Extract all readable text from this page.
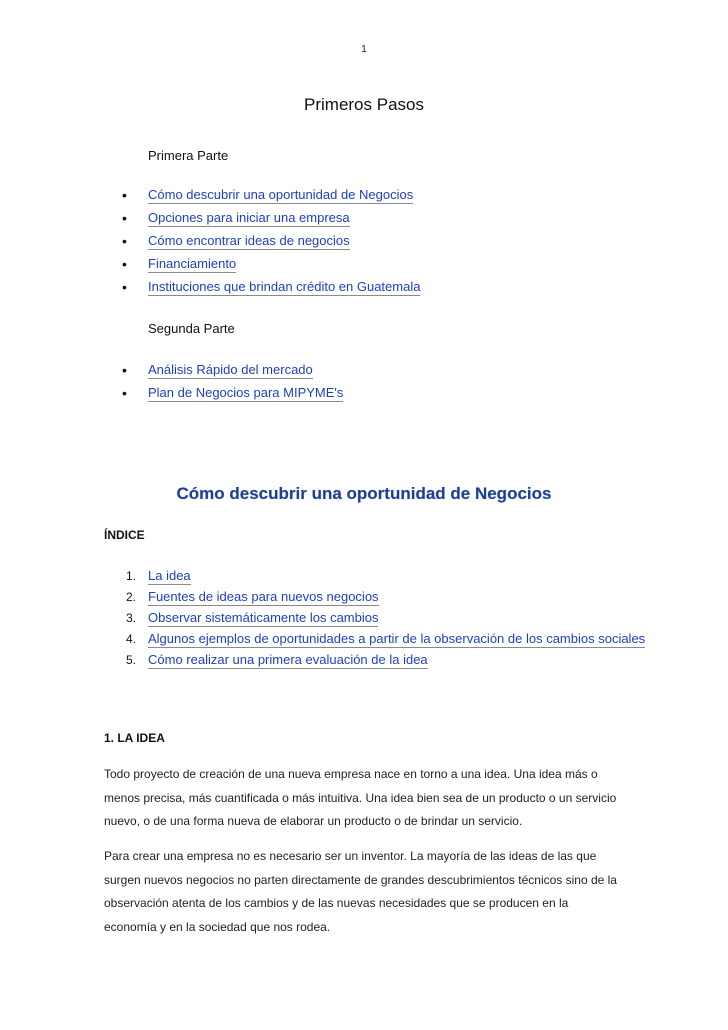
1
Primeros Pasos
Primera Parte
• Cómo descubrir una oportunidad de Negocios
• Opciones para iniciar una empresa
• Cómo encontrar ideas de negocios
• Financiamiento
• Instituciones que brindan crédito en Guatemala
Segunda Parte
• Análisis Rápido del mercado
• Plan de Negocios para MIPYME's
Cómo descubrir una oportunidad de Negocios
ÍNDICE
1. La idea
2. Fuentes de ideas para nuevos negocios
3. Observar sistemáticamente los cambios
4. Algunos ejemplos de oportunidades a partir de la observación de los cambios sociales
5. Cómo realizar una primera evaluación de la idea
1. LA IDEA

Todo proyecto de creación de una nueva empresa nace en torno a una idea. Una idea más o menos precisa, más cuantificada o más intuitiva. Una idea bien sea de un producto o un servicio nuevo, o de una forma nueva de elaborar un producto o de brindar un servicio.

Para crear una empresa no es necesario ser un inventor. La mayoría de las ideas de las que surgen nuevos negocios no parten directamente de grandes descubrimientos técnicos sino de la observación atenta de los cambios y de las nuevas necesidades que se producen en la economía y en la sociedad que nos rodea.
